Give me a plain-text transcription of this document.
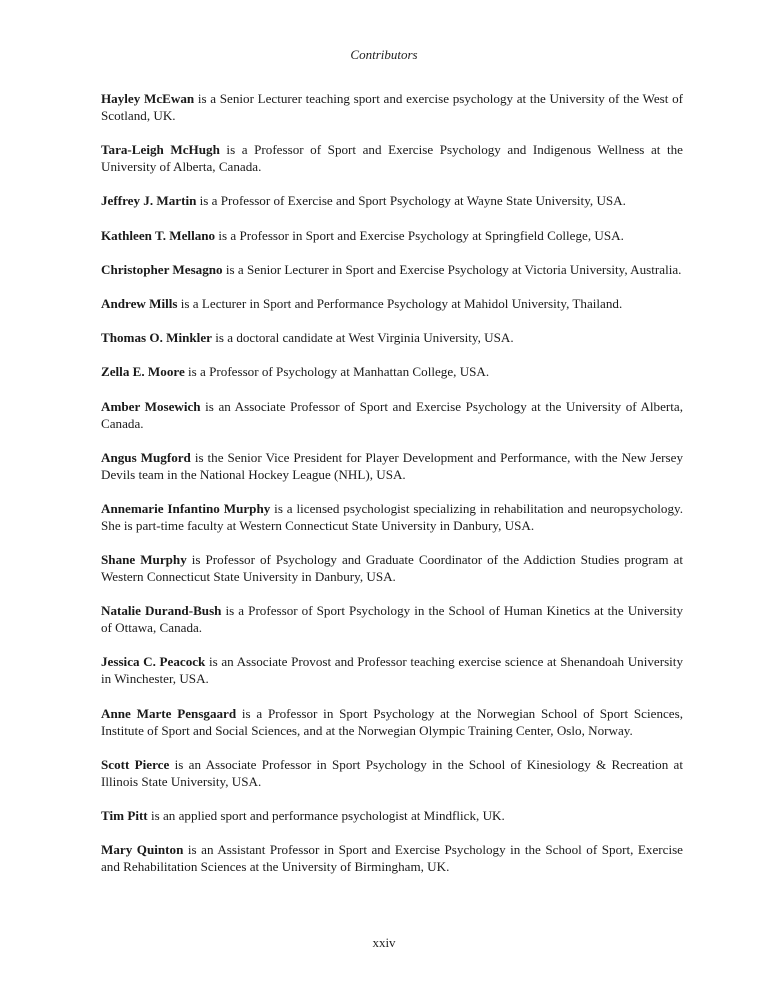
Contributors

Hayley McEwan is a Senior Lecturer teaching sport and exercise psychology at the University of the West of Scotland, UK.

Tara-Leigh McHugh is a Professor of Sport and Exercise Psychology and Indigenous Wellness at the University of Alberta, Canada.

Jeffrey J. Martin is a Professor of Exercise and Sport Psychology at Wayne State University, USA.

Kathleen T. Mellano is a Professor in Sport and Exercise Psychology at Springfield College, USA.

Christopher Mesagno is a Senior Lecturer in Sport and Exercise Psychology at Victoria University, Australia.

Andrew Mills is a Lecturer in Sport and Performance Psychology at Mahidol University, Thailand.

Thomas O. Minkler is a doctoral candidate at West Virginia University, USA.

Zella E. Moore is a Professor of Psychology at Manhattan College, USA.

Amber Mosewich is an Associate Professor of Sport and Exercise Psychology at the University of Alberta, Canada.

Angus Mugford is the Senior Vice President for Player Development and Performance, with the New Jersey Devils team in the National Hockey League (NHL), USA.

Annemarie Infantino Murphy is a licensed psychologist specializing in rehabilitation and neuropsychology. She is part-time faculty at Western Connecticut State University in Danbury, USA.

Shane Murphy is Professor of Psychology and Graduate Coordinator of the Addiction Studies program at Western Connecticut State University in Danbury, USA.

Natalie Durand-Bush is a Professor of Sport Psychology in the School of Human Kinetics at the University of Ottawa, Canada.

Jessica C. Peacock is an Associate Provost and Professor teaching exercise science at Shenandoah University in Winchester, USA.

Anne Marte Pensgaard is a Professor in Sport Psychology at the Norwegian School of Sport Sciences, Institute of Sport and Social Sciences, and at the Norwegian Olympic Training Center, Oslo, Norway.

Scott Pierce is an Associate Professor in Sport Psychology in the School of Kinesiology & Recreation at Illinois State University, USA.

Tim Pitt is an applied sport and performance psychologist at Mindflick, UK.

Mary Quinton is an Assistant Professor in Sport and Exercise Psychology in the School of Sport, Exercise and Rehabilitation Sciences at the University of Birmingham, UK.

xxiv
